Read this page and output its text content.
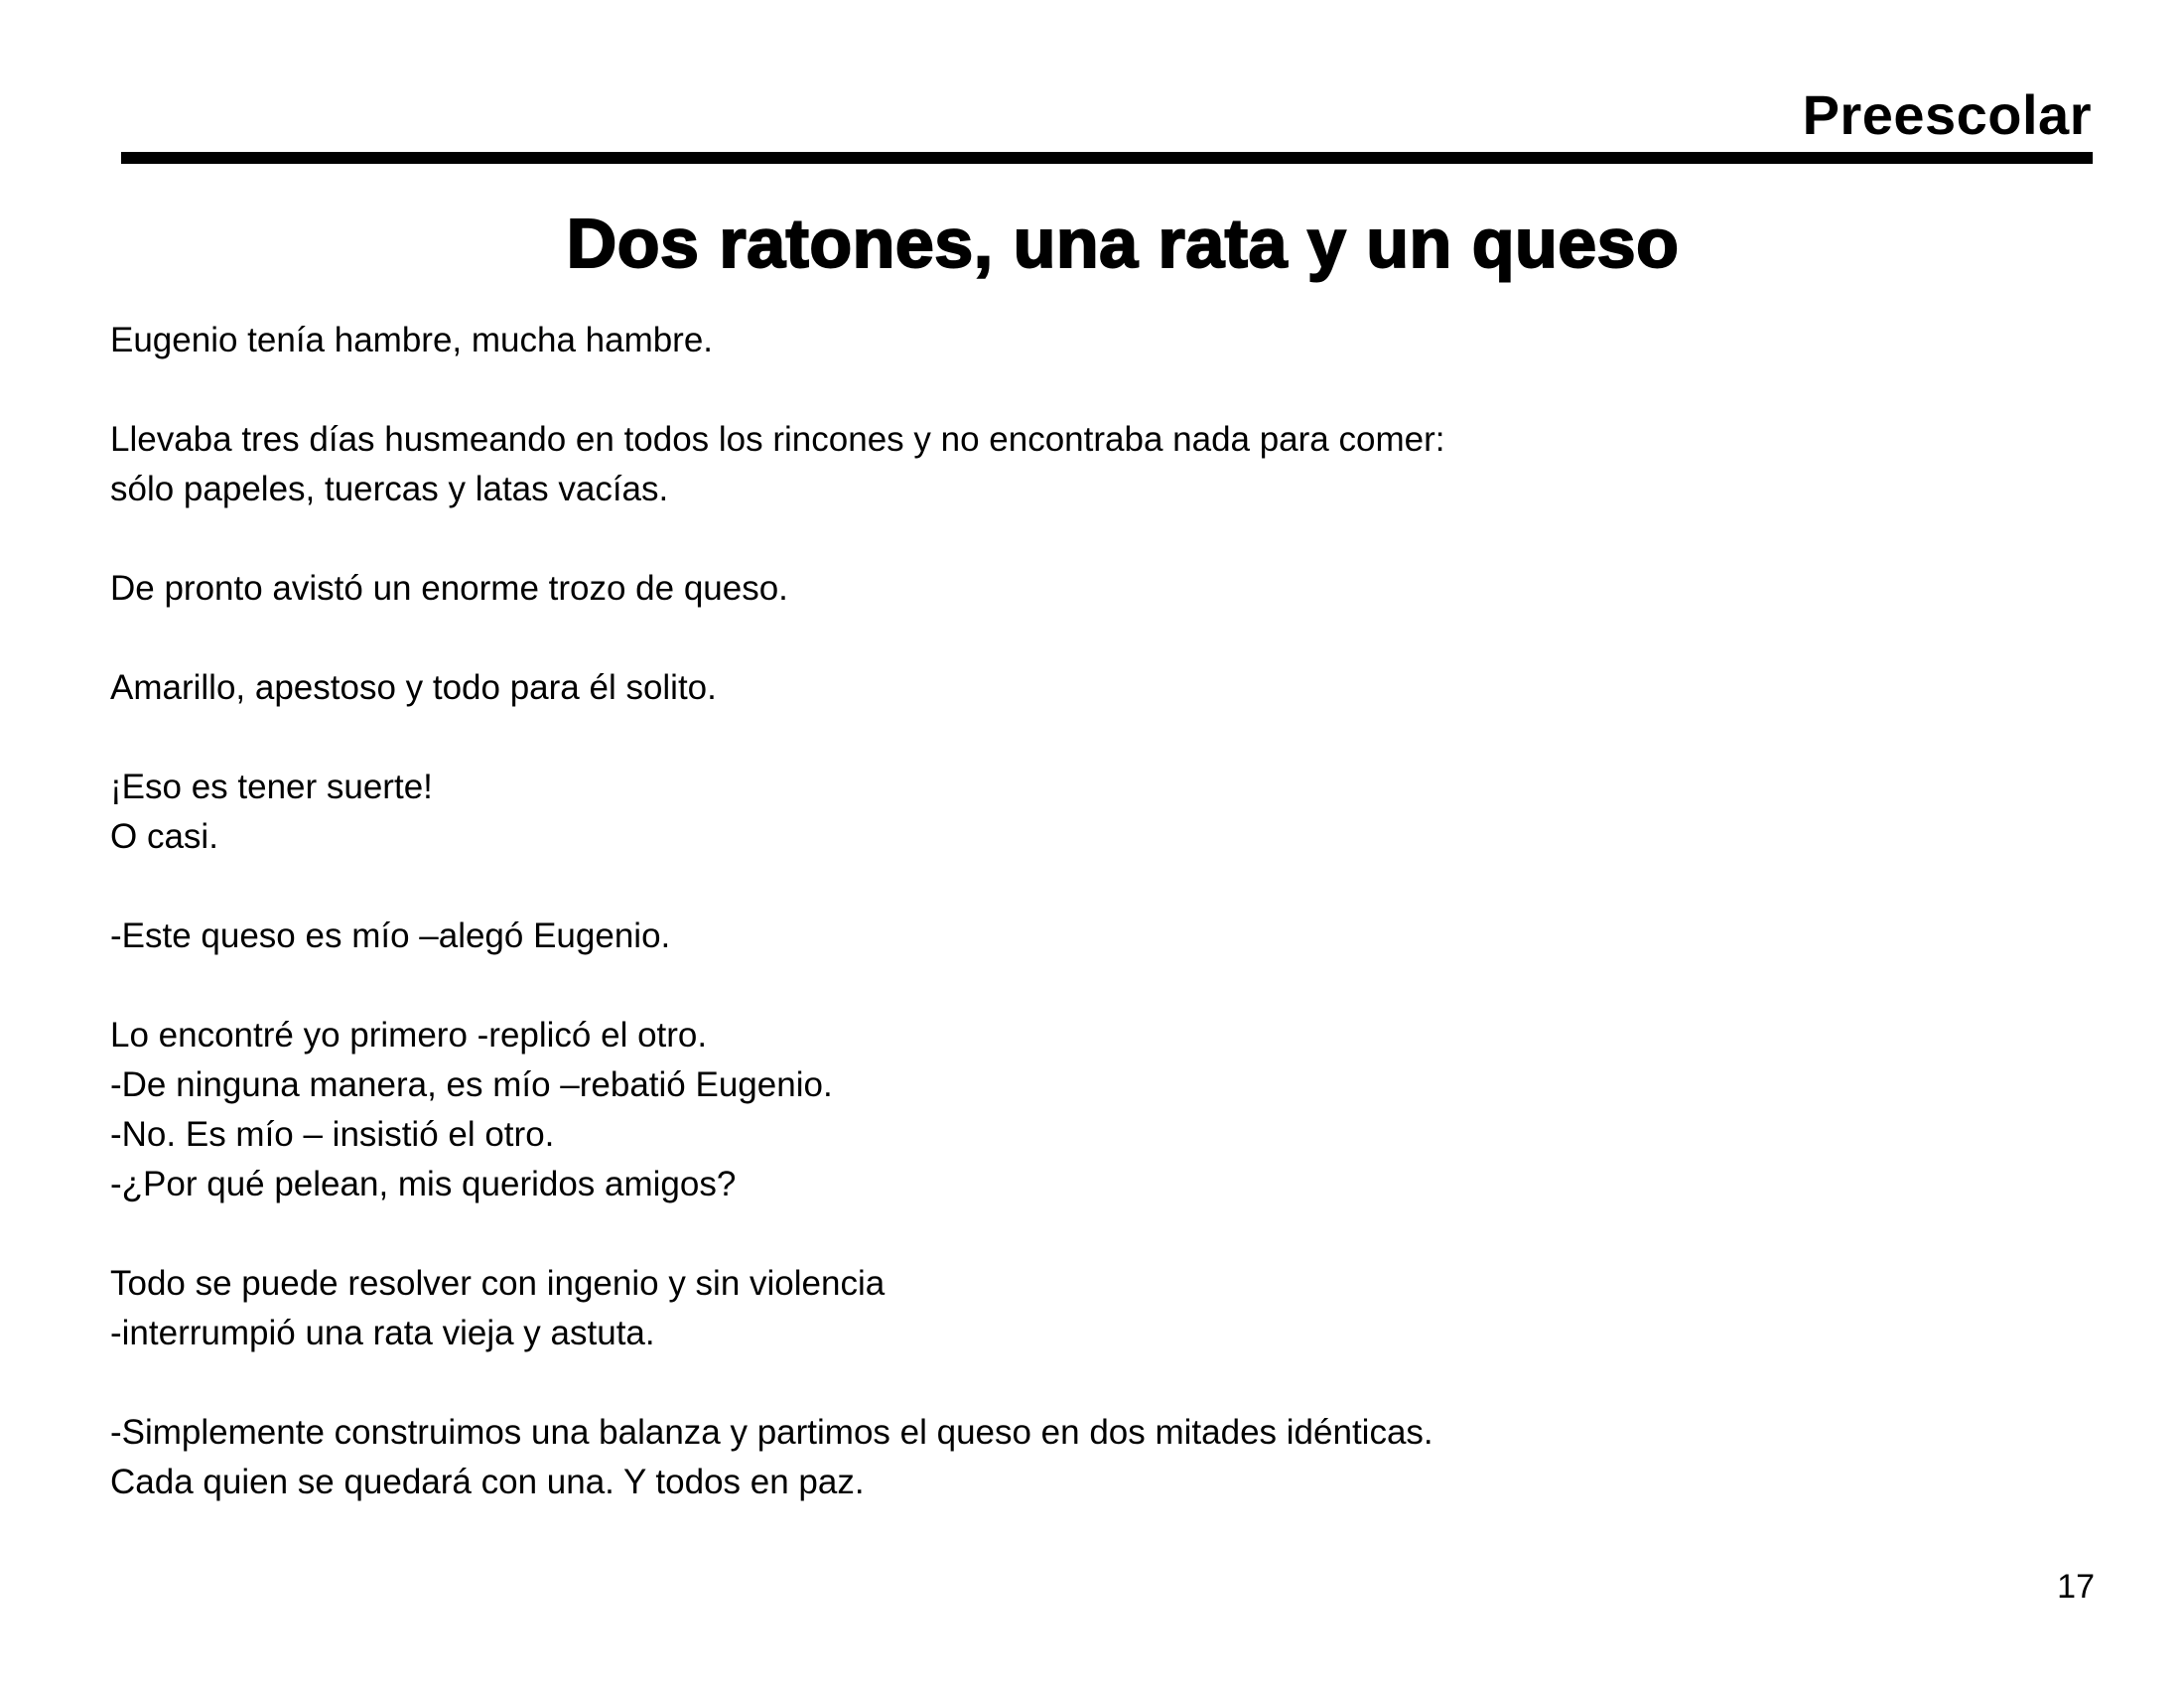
Preescolar
Dos ratones, una rata y un queso
Eugenio tenía hambre, mucha hambre.
Llevaba tres días husmeando en todos los rincones y no encontraba nada para comer:
sólo papeles, tuercas y latas vacías.
De pronto avistó un enorme trozo de queso.
Amarillo, apestoso y todo para él solito.
¡Eso es tener suerte!
O casi.
-Este queso es mío –alegó Eugenio.
Lo encontré yo primero -replicó el otro.
-De ninguna manera, es mío –rebatió Eugenio.
-No. Es mío – insistió el otro.
-¿Por qué pelean, mis queridos amigos?
Todo se puede resolver con ingenio y sin violencia
-interrumpió una rata vieja y astuta.
-Simplemente construimos una balanza y partimos el queso en dos mitades idénticas.
Cada quien se quedará con una. Y todos en paz.
17
